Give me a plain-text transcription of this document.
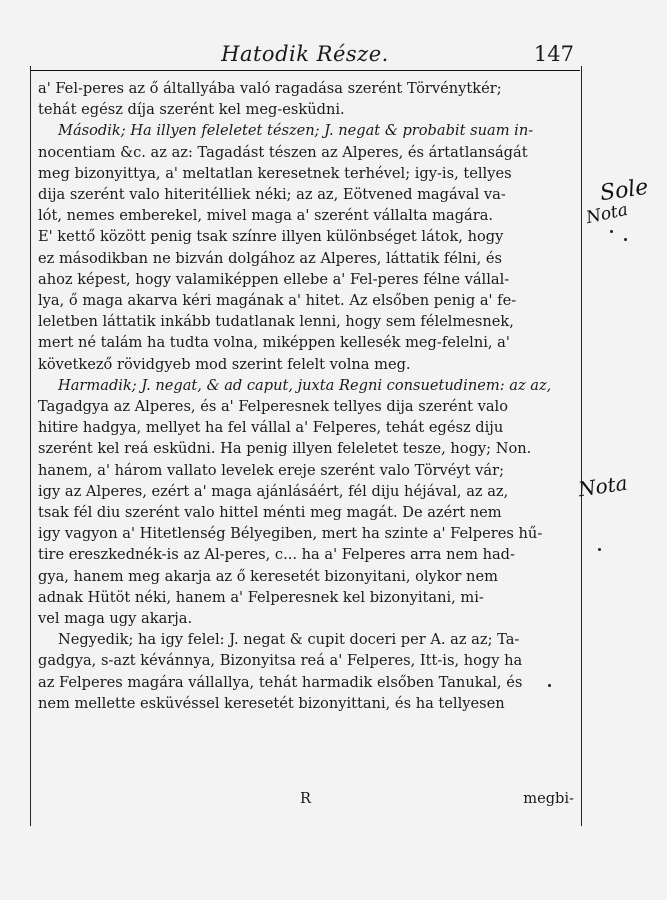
Hatodik Része.	147
a' Fel-peres az ő általlyába való ragadása szerént Törvénytkér;
tehát egész díja szerént kel meg-esküdni.
Második; Ha illyen feleletet tészen; J. negat & probabit suam in-
nocentiam &c. az az: Tagadást tészen az Alperes, és ártatlanságát
meg bizonyittya, a' meltatlan keresetnek terhével; igy-is, tellyes
dija szerént valo hiteritélliek néki; az az, Eötvened magával va-
lót, nemes emberekel, mivel maga a' szerént vállalta magára.
E' kettő között penig tsak színre illyen különbséget látok, hogy
ez másodikban ne bizván dolgához az Alperes, láttatik félni, és
ahoz képest, hogy valamiképpen ellebe a' Fel-peres félne vállal-
lya, ő maga akarva kéri magának a' hitet. Az elsőben penig a' fe-
leletben láttatik inkább tudatlanak lenni, hogy sem félelmesnek,
mert né talám ha tudta volna, miképpen kellesék meg-felelni, a'
következő rövidgyeb mod szerint felelt volna meg.
Harmadik; J. negat, & ad caput, juxta Regni consuetudinem: az az,
Tagadgya az Alperes, és a' Felperesnek tellyes dija szerént valo
hitire hadgya, mellyet ha fel vállal a' Felperes, tehát egész diju
szerént kel reá esküdni. Ha penig illyen feleletet tesze, hogy; Non.
hanem, a' három vallato levelek ereje szerént valo Törvéyt vár;
igy az Alperes, ezért a' maga ajánlásáért, fél diju héjával, az az,
tsak fél diu szerént valo hittel ménti meg magát. De azért nem
igy vagyon a' Hitetlenség Bélyegiben, mert ha szinte a' Felperes hű-
tire ereszkednék-is az Al-peres, c... ha a' Felperes arra nem had-
gya, hanem meg akarja az ő keresetét bizonyitani, olykor nem
adnak Hütöt néki, hanem a' Felperesnek kel bizonyitani, mi-
vel maga ugy akarja.
Negyedik; ha igy felel: J. negat & cupit doceri per A. az az; Ta-
gadgya, s-azt kévánnya, Bizonyitsa reá a' Felperes, Itt-is, hogy ha
az Felperes magára vállallya, tehát harmadik elsőben Tanukal, és
nem mellette esküvéssel keresetét bizonyittani, és ha tellyesen
R	megbi-
Sole
Nota
Nota
